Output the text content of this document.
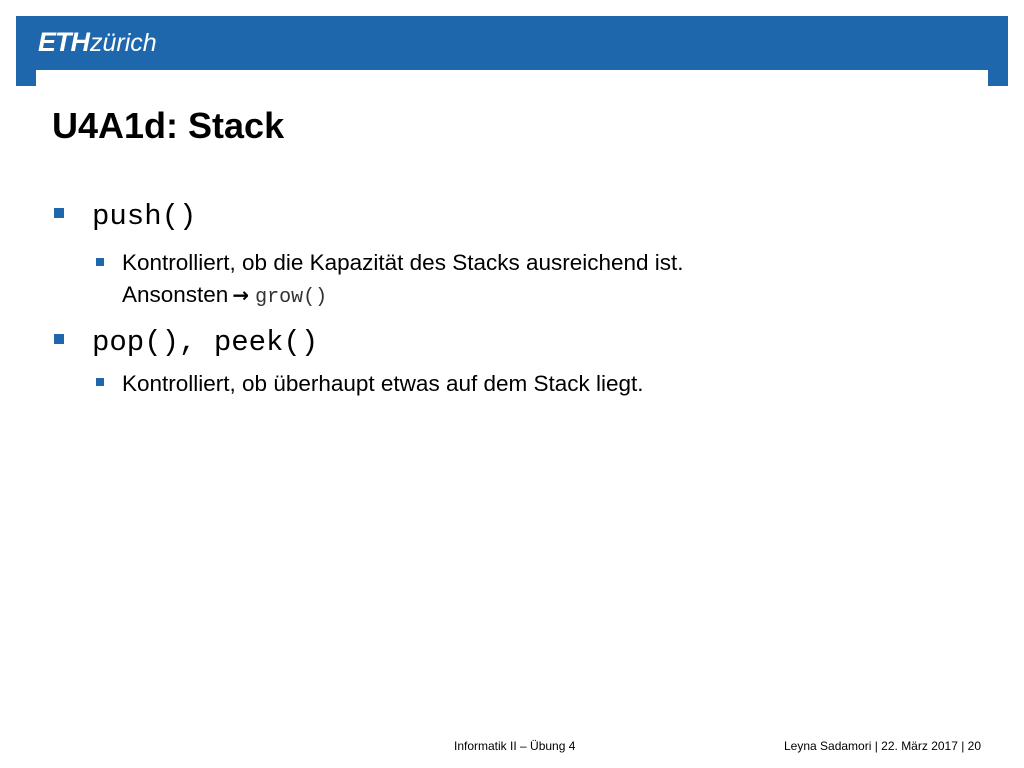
ETHzürich
U4A1d: Stack
push()
Kontrolliert, ob die Kapazität des Stacks ausreichend ist.
Ansonsten → grow()
pop(), peek()
Kontrolliert, ob überhaupt etwas auf dem Stack liegt.
Informatik II – Übung 4	Leyna Sadamori | 22. März 2017 | 20
